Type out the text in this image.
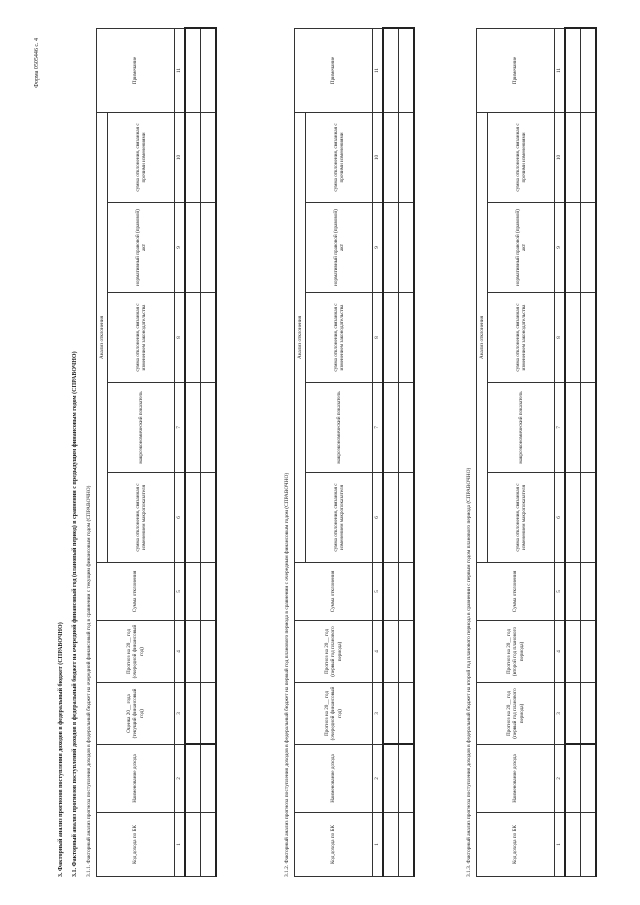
Форма 0505446 с. 4
3. Факторный анализ прогнозов поступления доходов в федеральный бюджет (СПРАВОЧНО) 3.1. Факторный анализ прогнозов поступлений доходов в федеральный бюджет на очередной финансовый год (плановый период) в сравнении с предыдущим финансовым годом (СПРАВОЧНО) 3.1.1. Факторный анализ прогноза поступления доходов в федеральный бюджет на очередной финансовый год в сравнении с текущим финансовым годом (СПРАВОЧНО)	Код дохода по БК	Наименование дохода	Оценка 20__ года (текущий финансовый год)	Прогноз на 20__ год (очередной финансовый год)	Сумма отклонения	Анализ отклонения					Примечание
					сумма отклонения, связанная с изменением макропоказателя	макроэкономический показатель	сумма отклонения, связанная с изменением законодательства	нормативный правовой (правовой) акт	сумма отклонения, связанная с прочими изменениями	
1	2	3	4	5	6	7	8	9	10	11

3.1.2. Факторный анализ прогноза поступления доходов в федеральный бюджет на первый год планового периода в сравнении с очередным финансовым годом (СПРАВОЧНО)	Код дохода по БК	Наименование дохода	Прогноз на 20__ год (очередной финансовый год)	Прогноз на 20__ год (первый год планового периода)	Сумма отклонения	Анализ отклонения					Примечание
					сумма отклонения, связанная с изменением макропоказателя	макроэкономический показатель	сумма отклонения, связанная с изменением законодательства	нормативный правовой (правовой) акт	сумма отклонения, связанная с прочими изменениями	
1	2	3	4	5	6	7	8	9	10	11

3.1.3. Факторный анализ прогноза поступления доходов в федеральный бюджет на второй год планового периода в сравнении с первым годом планового периода (СПРАВОЧНО)	Код дохода по БК	Наименование дохода	Прогноз на 20__ год (первый год планового периода)	Прогноз на 20__ год (второй год планового периода)	Сумма отклонения	Анализ отклонения					Примечание
					сумма отклонения, связанная с изменением макропоказателя	макроэкономический показатель	сумма отклонения, связанная с изменением законодательства	нормативный правовой (правовой) акт	сумма отклонения, связанная с прочими изменениями	
1	2	3	4	5	6	7	8	9	10	11
